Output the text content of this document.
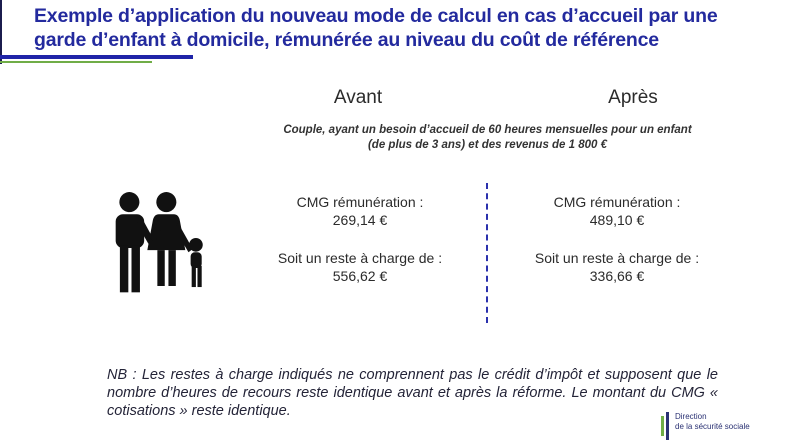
Exemple d’application du nouveau mode de calcul en cas d’accueil par une
garde d’enfant à domicile, rémunérée au niveau du coût de référence
Avant	Après
Couple, ayant un besoin d’accueil de 60 heures mensuelles pour un enfant
(de plus de 3 ans) et des revenus de 1 800 €
CMG rémunération :
269,14 €
Soit un reste à charge de :
556,62 €
CMG rémunération :
489,10 €
Soit un reste à charge de :
336,66 €
NB : Les restes à charge indiqués ne comprennent pas le crédit d’impôt et supposent que le nombre d’heures de recours reste identique avant et après la réforme. Le montant du CMG « cotisations » reste identique.	Direction
de la sécurité sociale
